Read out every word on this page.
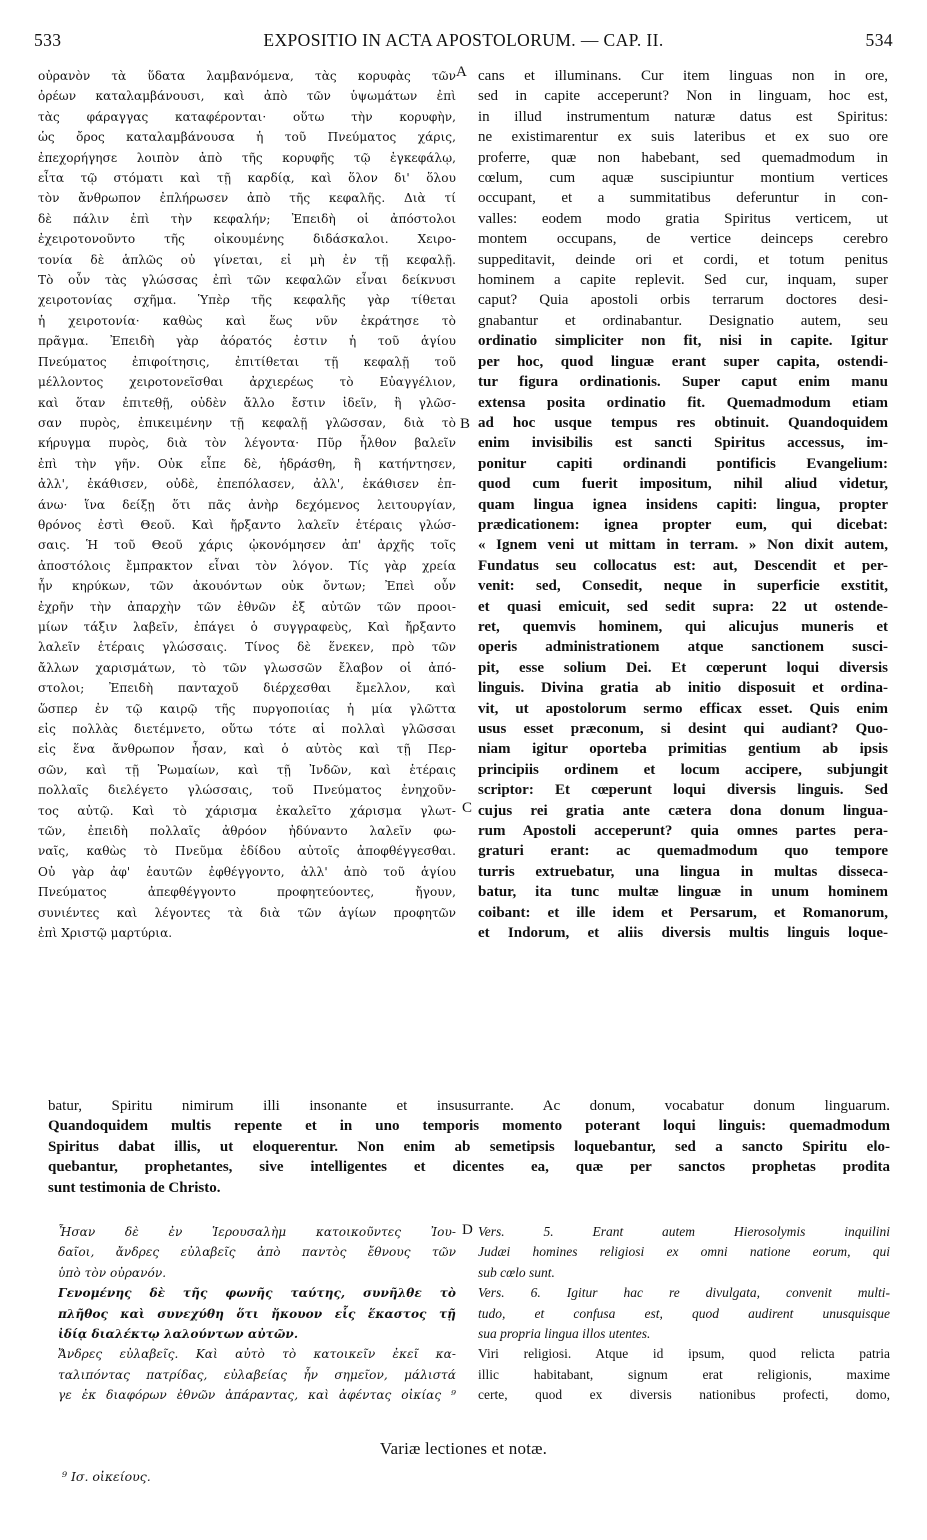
533	EXPOSITIO IN ACTA APOSTOLORUM. — CAP. II.	534
A
B
C
D
οὐρανὸν τὰ ὕδατα λαμβανόμενα, τὰς κορυφὰς τῶν
ὀρέων καταλαμβάνουσι, καὶ ἀπὸ τῶν ὑψωμάτων ἐπὶ
τὰς φάραγγας καταφέρονται· οὕτω τὴν κορυφὴν,
ὡς ὄρος καταλαμβάνουσα ἡ τοῦ Πνεύματος χάρις,
ἐπεχορήγησε λοιπὸν ἀπὸ τῆς κορυφῆς τῷ ἐγκεφάλῳ,
εἶτα τῷ στόματι καὶ τῇ καρδίᾳ, καὶ ὅλον δι' ὅλου
τὸν ἄνθρωπον ἐπλήρωσεν ἀπὸ τῆς κεφαλῆς. Διὰ τί
δὲ πάλιν ἐπὶ τὴν κεφαλήν; Ἐπειδὴ οἱ ἀπόστολοι
ἐχειροτονοῦντο τῆς οἰκουμένης διδάσκαλοι. Χειρο-
τονία δὲ ἁπλῶς οὐ γίνεται, εἰ μὴ ἐν τῇ κεφαλῇ.
Τὸ οὖν τὰς γλώσσας ἐπὶ τῶν κεφαλῶν εἶναι δείκνυσι
χειροτονίας σχῆμα. Ὑπὲρ τῆς κεφαλῆς γὰρ τίθεται
ἡ χειροτονία· καθὼς καὶ ἕως νῦν ἐκράτησε τὸ
πρᾶγμα. Ἐπειδὴ γὰρ ἀόρατός ἐστιν ἡ τοῦ ἁγίου
Πνεύματος ἐπιφοίτησις, ἐπιτίθεται τῇ κεφαλῇ τοῦ
μέλλοντος χειροτονεῖσθαι ἀρχιερέως τὸ Εὐαγγέλιον,
καὶ ὅταν ἐπιτεθῇ, οὐδὲν ἄλλο ἔστιν ἰδεῖν, ἢ γλῶσ-
σαν πυρὸς, ἐπικειμένην τῇ κεφαλῇ γλῶσσαν, διὰ τὸ
κήρυγμα πυρὸς, διὰ τὸν λέγοντα· Πῦρ ἦλθον βαλεῖν
ἐπὶ τὴν γῆν. Οὐκ εἶπε δὲ, ἡδράσθη, ἢ κατήντησεν,
ἀλλ', ἐκάθισεν, οὐδὲ, ἐπεπόλασεν, ἀλλ', ἐκάθισεν ἐπ-
άνω· ἵνα δείξῃ ὅτι πᾶς ἀνὴρ δεχόμενος λειτουργίαν,
θρόνος ἐστὶ Θεοῦ. Καὶ ἤρξαντο λαλεῖν ἑτέραις γλώσ-
σαις. Ἡ τοῦ Θεοῦ χάρις ᾠκονόμησεν ἀπ' ἀρχῆς τοῖς
ἀποστόλοις ἔμπρακτον εἶναι τὸν λόγον. Τίς γὰρ χρεία
ἦν κηρύκων, τῶν ἀκουόντων οὐκ ὄντων; Ἐπεὶ οὖν
ἐχρῆν τὴν ἀπαρχὴν τῶν ἐθνῶν ἐξ αὐτῶν τῶν προοι-
μίων τάξιν λαβεῖν, ἐπάγει ὁ συγγραφεὺς, Καὶ ἤρξαντο
λαλεῖν ἑτέραις γλώσσαις. Τίνος δὲ ἕνεκεν, πρὸ τῶν
ἄλλων χαρισμάτων, τὸ τῶν γλωσσῶν ἔλαβον οἱ ἀπό-
στολοι; Ἐπειδὴ πανταχοῦ διέρχεσθαι ἔμελλον, καὶ
ὥσπερ ἐν τῷ καιρῷ τῆς πυργοποιίας ἡ μία γλῶττα
εἰς πολλὰς διετέμνετο, οὕτω τότε αἱ πολλαὶ γλῶσσαι
εἰς ἕνα ἄνθρωπον ἦσαν, καὶ ὁ αὐτὸς καὶ τῇ Περ-
σῶν, καὶ τῇ Ῥωμαίων, καὶ τῇ Ἰνδῶν, καὶ ἑτέραις
πολλαῖς διελέγετο γλώσσαις, τοῦ Πνεύματος ἐνηχοῦν-
τος αὐτῷ. Καὶ τὸ χάρισμα ἐκαλεῖτο χάρισμα γλωτ-
τῶν, ἐπειδὴ πολλαῖς ἀθρόον ἠδύναντο λαλεῖν φω-
ναῖς, καθὼς τὸ Πνεῦμα ἐδίδου αὐτοῖς ἀποφθέγγεσθαι.
Οὐ γὰρ ἀφ' ἑαυτῶν ἐφθέγγοντο, ἀλλ' ἀπὸ τοῦ ἁγίου
Πνεύματος ἀπεφθέγγοντο προφητεύοντες, ἤγουν,
συνιέντες καὶ λέγοντες τὰ διὰ τῶν ἁγίων προφητῶν
ἐπὶ Χριστῷ μαρτύρια.
cans et illuminans. Cur item linguas non in ore,
sed in capite acceperunt? Non in linguam, hoc est,
in illud instrumentum naturæ datus est Spiritus:
ne existimarentur ex suis lateribus et ex suo ore
proferre, quæ non habebant, sed quemadmodum in
cœlum, cum aquæ suscipiuntur montium vertices
occupant, et a summitatibus deferuntur in con-
valles: eodem modo gratia Spiritus verticem, ut
montem occupans, de vertice deinceps cerebro
suppeditavit, deinde ori et cordi, et totum penitus
hominem a capite replevit. Sed cur, inquam, super
caput? Quia apostoli orbis terrarum doctores desi-
gnabantur et ordinabantur. Designatio autem, seu
ordinatio simpliciter non fit, nisi in capite. Igitur
per hoc, quod linguæ erant super capita, ostendi-
tur figura ordinationis. Super caput enim manu
extensa posita ordinatio fit. Quemadmodum etiam
ad hoc usque tempus res obtinuit. Quandoquidem
enim invisibilis est sancti Spiritus accessus, im-
ponitur capiti ordinandi pontificis Evangelium:
quod cum fuerit impositum, nihil aliud videtur,
quam lingua ignea insidens capiti: lingua, propter
prædicationem: ignea propter eum, qui dicebat:
« Ignem veni ut mittam in terram. » Non dixit autem,
Fundatus seu collocatus est: aut, Descendit et per-
venit: sed, Consedit, neque in superficie exstitit,
et quasi emicuit, sed sedit supra: 22 ut ostende-
ret, quemvis hominem, qui alicujus muneris et
operis administrationem atque sanctionem susci-
pit, esse solium Dei. Et cœperunt loqui diversis
linguis. Divina gratia ab initio disposuit et ordina-
vit, ut apostolorum sermo efficax esset. Quis enim
usus esset præconum, si desint qui audiant? Quo-
niam igitur oporteba primitias gentium ab ipsis
principiis ordinem et locum accipere, subjungit
scriptor: Et cœperunt loqui diversis linguis. Sed
cujus rei gratia ante cætera dona donum lingua-
rum Apostoli acceperunt? quia omnes partes pera-
graturi erant: ac quemadmodum quo tempore
turris extruebatur, una lingua in multas disseca-
batur, ita tunc multæ linguæ in unum hominem
coibant: et ille idem et Persarum, et Romanorum,
et Indorum, et aliis diversis multis linguis loque-
batur, Spiritu nimirum illi insonante et insusurrante. Ac donum, vocabatur donum linguarum.
Quandoquidem multis repente et in uno temporis momento poterant loqui linguis: quemadmodum
Spiritus dabat illis, ut eloquerentur. Non enim ab semetipsis loquebantur, sed a sancto Spiritu elo-
quebantur, prophetantes, sive intelligentes et dicentes ea, quæ per sanctos prophetas prodita
sunt testimonia de Christo.
Ἦσαν δὲ ἐν Ἱερουσαλὴμ κατοικοῦντες Ἰου-
δαῖοι, ἄνδρες εὐλαβεῖς ἀπὸ παντὸς ἔθνους τῶν
ὑπὸ τὸν οὐρανόν.
Γενομένης δὲ τῆς φωνῆς ταύτης, συνῆλθε τὸ
πλῆθος καὶ συνεχύθη ὅτι ἤκουον εἷς ἕκαστος τῇ
ἰδίᾳ διαλέκτῳ λαλούντων αὐτῶν.
Ἄνδρες εὐλαβεῖς. Καὶ αὐτὸ τὸ κατοικεῖν ἐκεῖ κα-
ταλιπόντας πατρίδας, εὐλαβείας ἦν σημεῖον, μάλιστά
γε ἐκ διαφόρων ἐθνῶν ἀπάραντας, καὶ ἀφέντας οἰκίας ⁹
Vers. 5. Erant autem Hierosolymis inquilini
Judæi homines religiosi ex omni natione eorum, qui
sub cœlo sunt.
Vers. 6. Igitur hac re divulgata, convenit multi-
tudo, et confusa est, quod audirent unusquisque
sua propria lingua illos utentes.
Viri religiosi. Atque id ipsum, quod relicta patria
illic habitabant, signum erat religionis, maxime
certe, quod ex diversis nationibus profecti, domo,
Variæ lectiones et notæ.
⁹ Ισ. οἰκείους.
